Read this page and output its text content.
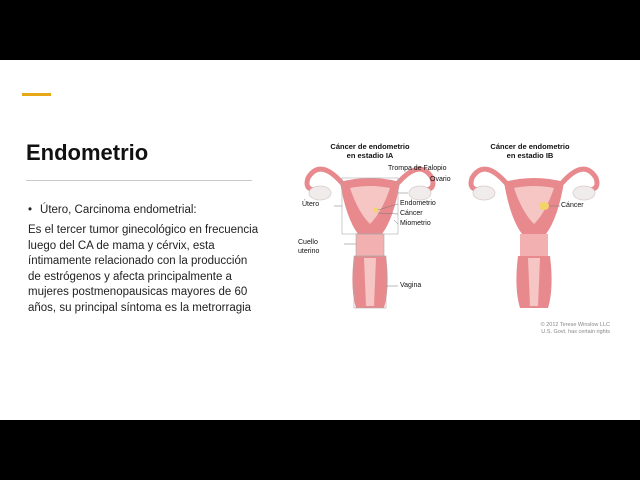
Endometrio
• Útero, Carcinoma endometrial:
Es el tercer tumor ginecológico en frecuencia luego del CA de mama y cérvix, esta íntimamente relacionado con la producción de estrógenos y afecta principalmente a mujeres postmenopausicas mayores de 60 años, su principal síntoma es la metrorragia
Cáncer de endometrio
en estadio IA
Cáncer de endometrio
en estadio IB
Trompa de Falopio
Ovario
Útero	Endometrio
Cáncer
Miometrio
Cuello
uterino
Vagina
Cáncer
© 2012 Terese Winslow LLC
U.S. Govt. has certain rights
